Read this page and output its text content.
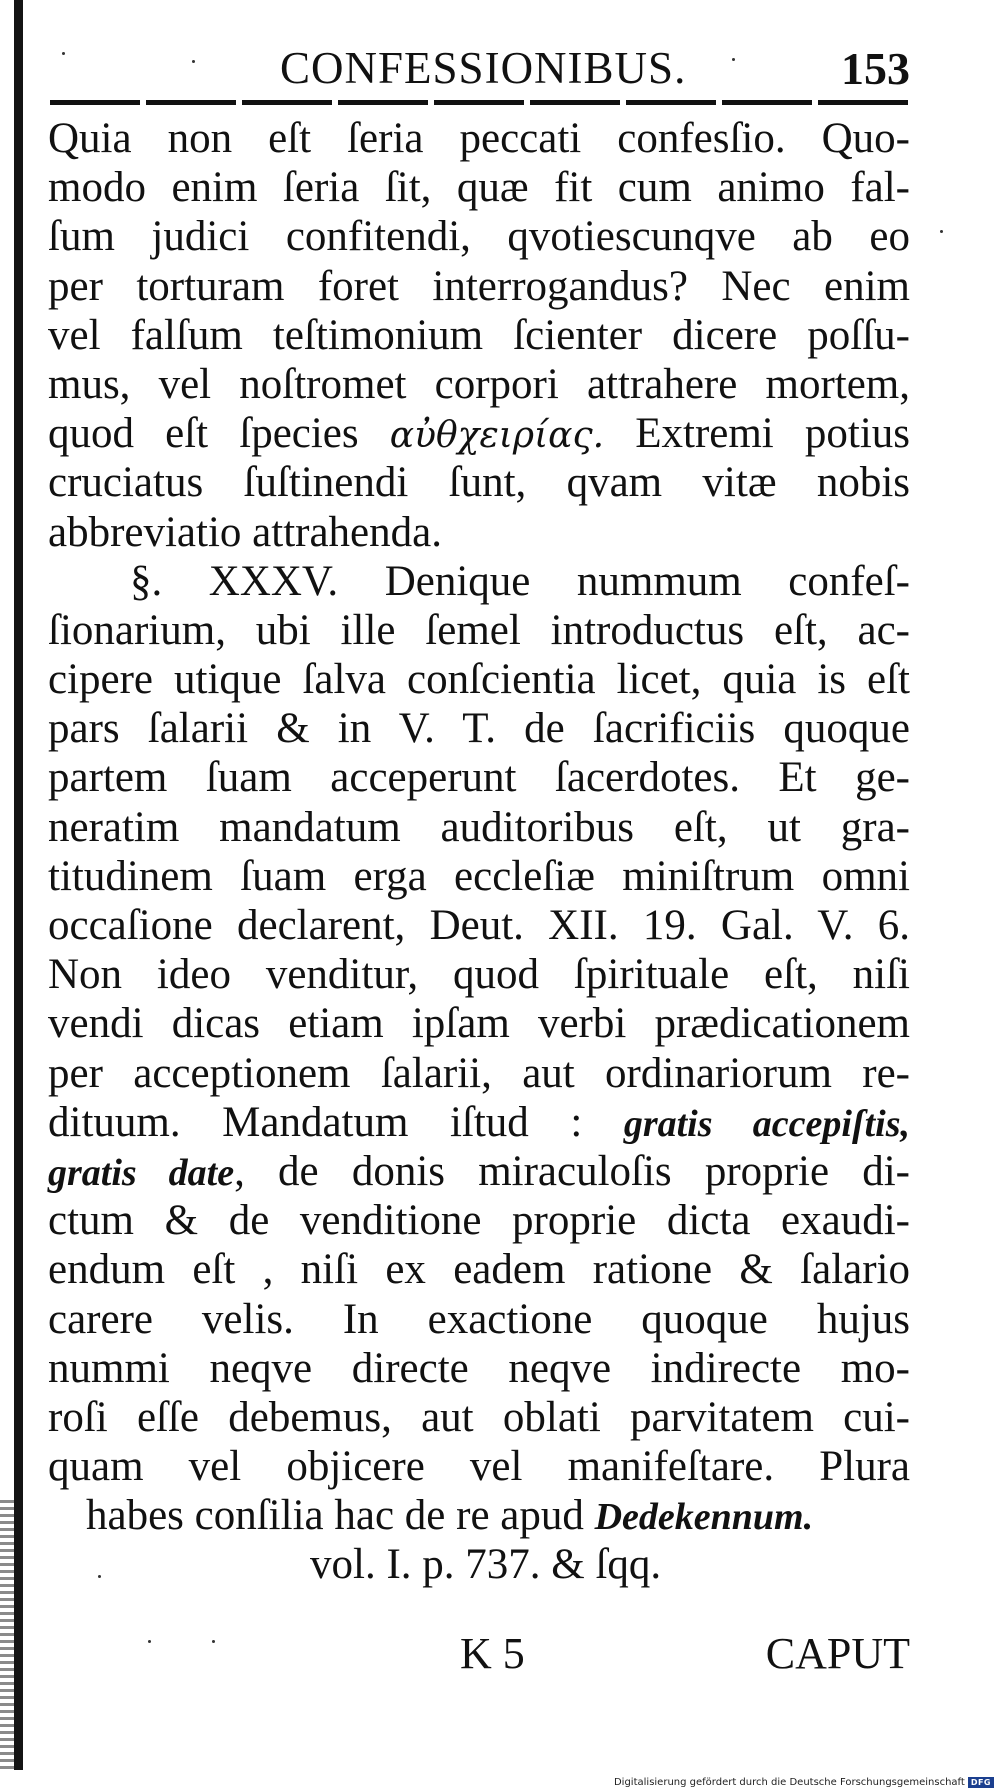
CONFESSIONIBUS.	153
Quia non eſt ſeria peccati confesſio. Quo-
modo enim ſeria ſit, quæ fit cum animo fal-
ſum judici confitendi, qvotiescunqve ab eo
per torturam foret interrogandus? Nec enim
vel falſum teſtimonium ſcienter dicere poſſu-
mus, vel noſtromet corpori attrahere mortem,
quod eſt ſpecies αὐθχειρίας. Extremi potius
cruciatus ſuſtinendi ſunt, qvam vitæ nobis
abbreviatio attrahenda.
§. XXXV. Denique nummum confeſ-
ſionarium, ubi ille ſemel introductus eſt, ac-
cipere utique ſalva conſcientia licet, quia is eſt
pars ſalarii & in V. T. de ſacrificiis quoque
partem ſuam acceperunt ſacerdotes. Et ge-
neratim mandatum auditoribus eſt, ut gra-
titudinem ſuam erga eccleſiæ miniſtrum omni
occaſione declarent, Deut. XII. 19. Gal. V. 6.
Non ideo venditur, quod ſpirituale eſt, niſi
vendi dicas etiam ipſam verbi prædicationem
per acceptionem ſalarii, aut ordinariorum re-
dituum. Mandatum iſtud : gratis accepiſtis,
gratis date, de donis miraculoſis proprie di-
ctum & de venditione proprie dicta exaudi-
endum eſt , niſi ex eadem ratione & ſalario
carere velis. In exactione quoque hujus
nummi neqve directe neqve indirecte mo-
roſi eſſe debemus, aut oblati parvitatem cui-
quam vel objicere vel manifeſtare. Plura
habes conſilia hac de re apud Dedekennum.
vol. I. p. 737. & ſqq.
K 5	CAPUT
Digitalisierung gefördert durch die Deutsche Forschungsgemeinschaft DFG
